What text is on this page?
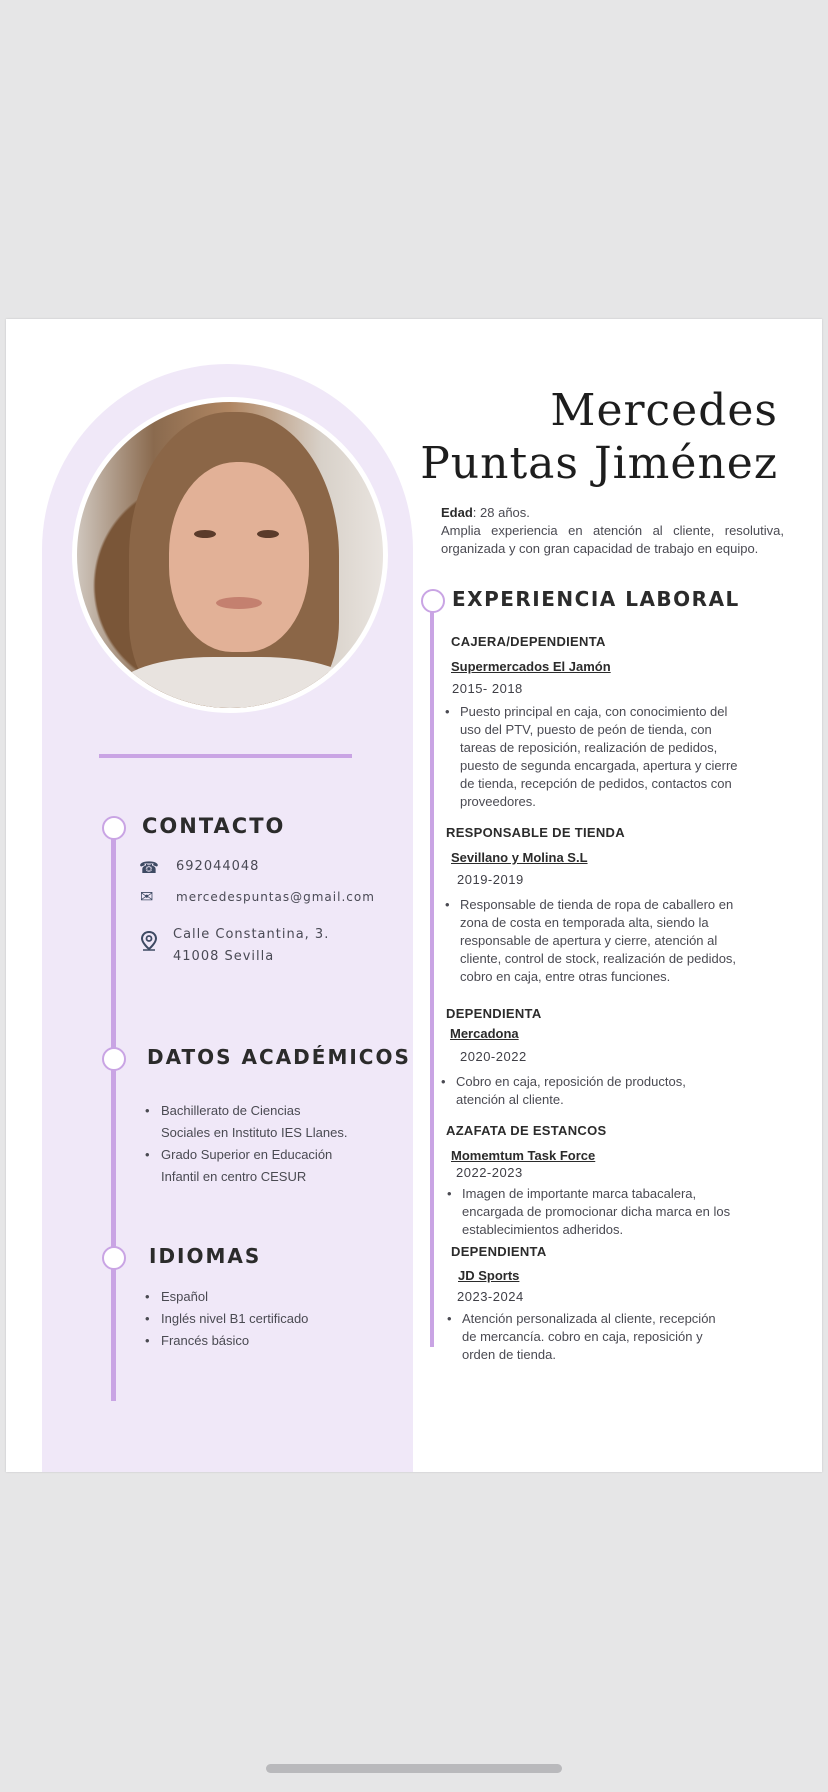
CONTACTO
☎ 692044048
✉ mercedespuntas@gmail.com
Calle Constantina, 3.
41008 Sevilla
DATOS ACADÉMICOS
• Bachillerato de Ciencias
Sociales en Instituto IES Llanes.
• Grado Superior en Educación
Infantil en centro CESUR
IDIOMAS
• Español
• Inglés nivel B1 certificado
• Francés básico
Mercedes
Puntas Jiménez
Edad: 28 años.
Amplia experiencia en atención al cliente, resolutiva, organizada y con gran capacidad de trabajo en equipo.
EXPERIENCIA LABORAL
CAJERA/DEPENDIENTA
Supermercados El Jamón
2015- 2018
• Puesto principal en caja, con conocimiento del
uso del PTV, puesto de peón de tienda, con
tareas de reposición, realización de pedidos,
puesto de segunda encargada, apertura y cierre
de tienda, recepción de pedidos, contactos con
proveedores.
RESPONSABLE DE TIENDA
Sevillano y Molina S.L
2019-2019
• Responsable de tienda de ropa de caballero en
zona de costa en temporada alta, siendo la
responsable de apertura y cierre, atención al
cliente, control de stock, realización de pedidos,
cobro en caja, entre otras funciones.
DEPENDIENTA
Mercadona
2020-2022
• Cobro en caja, reposición de productos,
atención al cliente.
AZAFATA DE ESTANCOS
Momemtum Task Force
2022-2023
• Imagen de importante marca tabacalera,
encargada de promocionar dicha marca en los
establecimientos adheridos.
DEPENDIENTA
JD Sports
2023-2024
• Atención personalizada al cliente, recepción
de mercancía. cobro en caja, reposición y
orden de tienda.
